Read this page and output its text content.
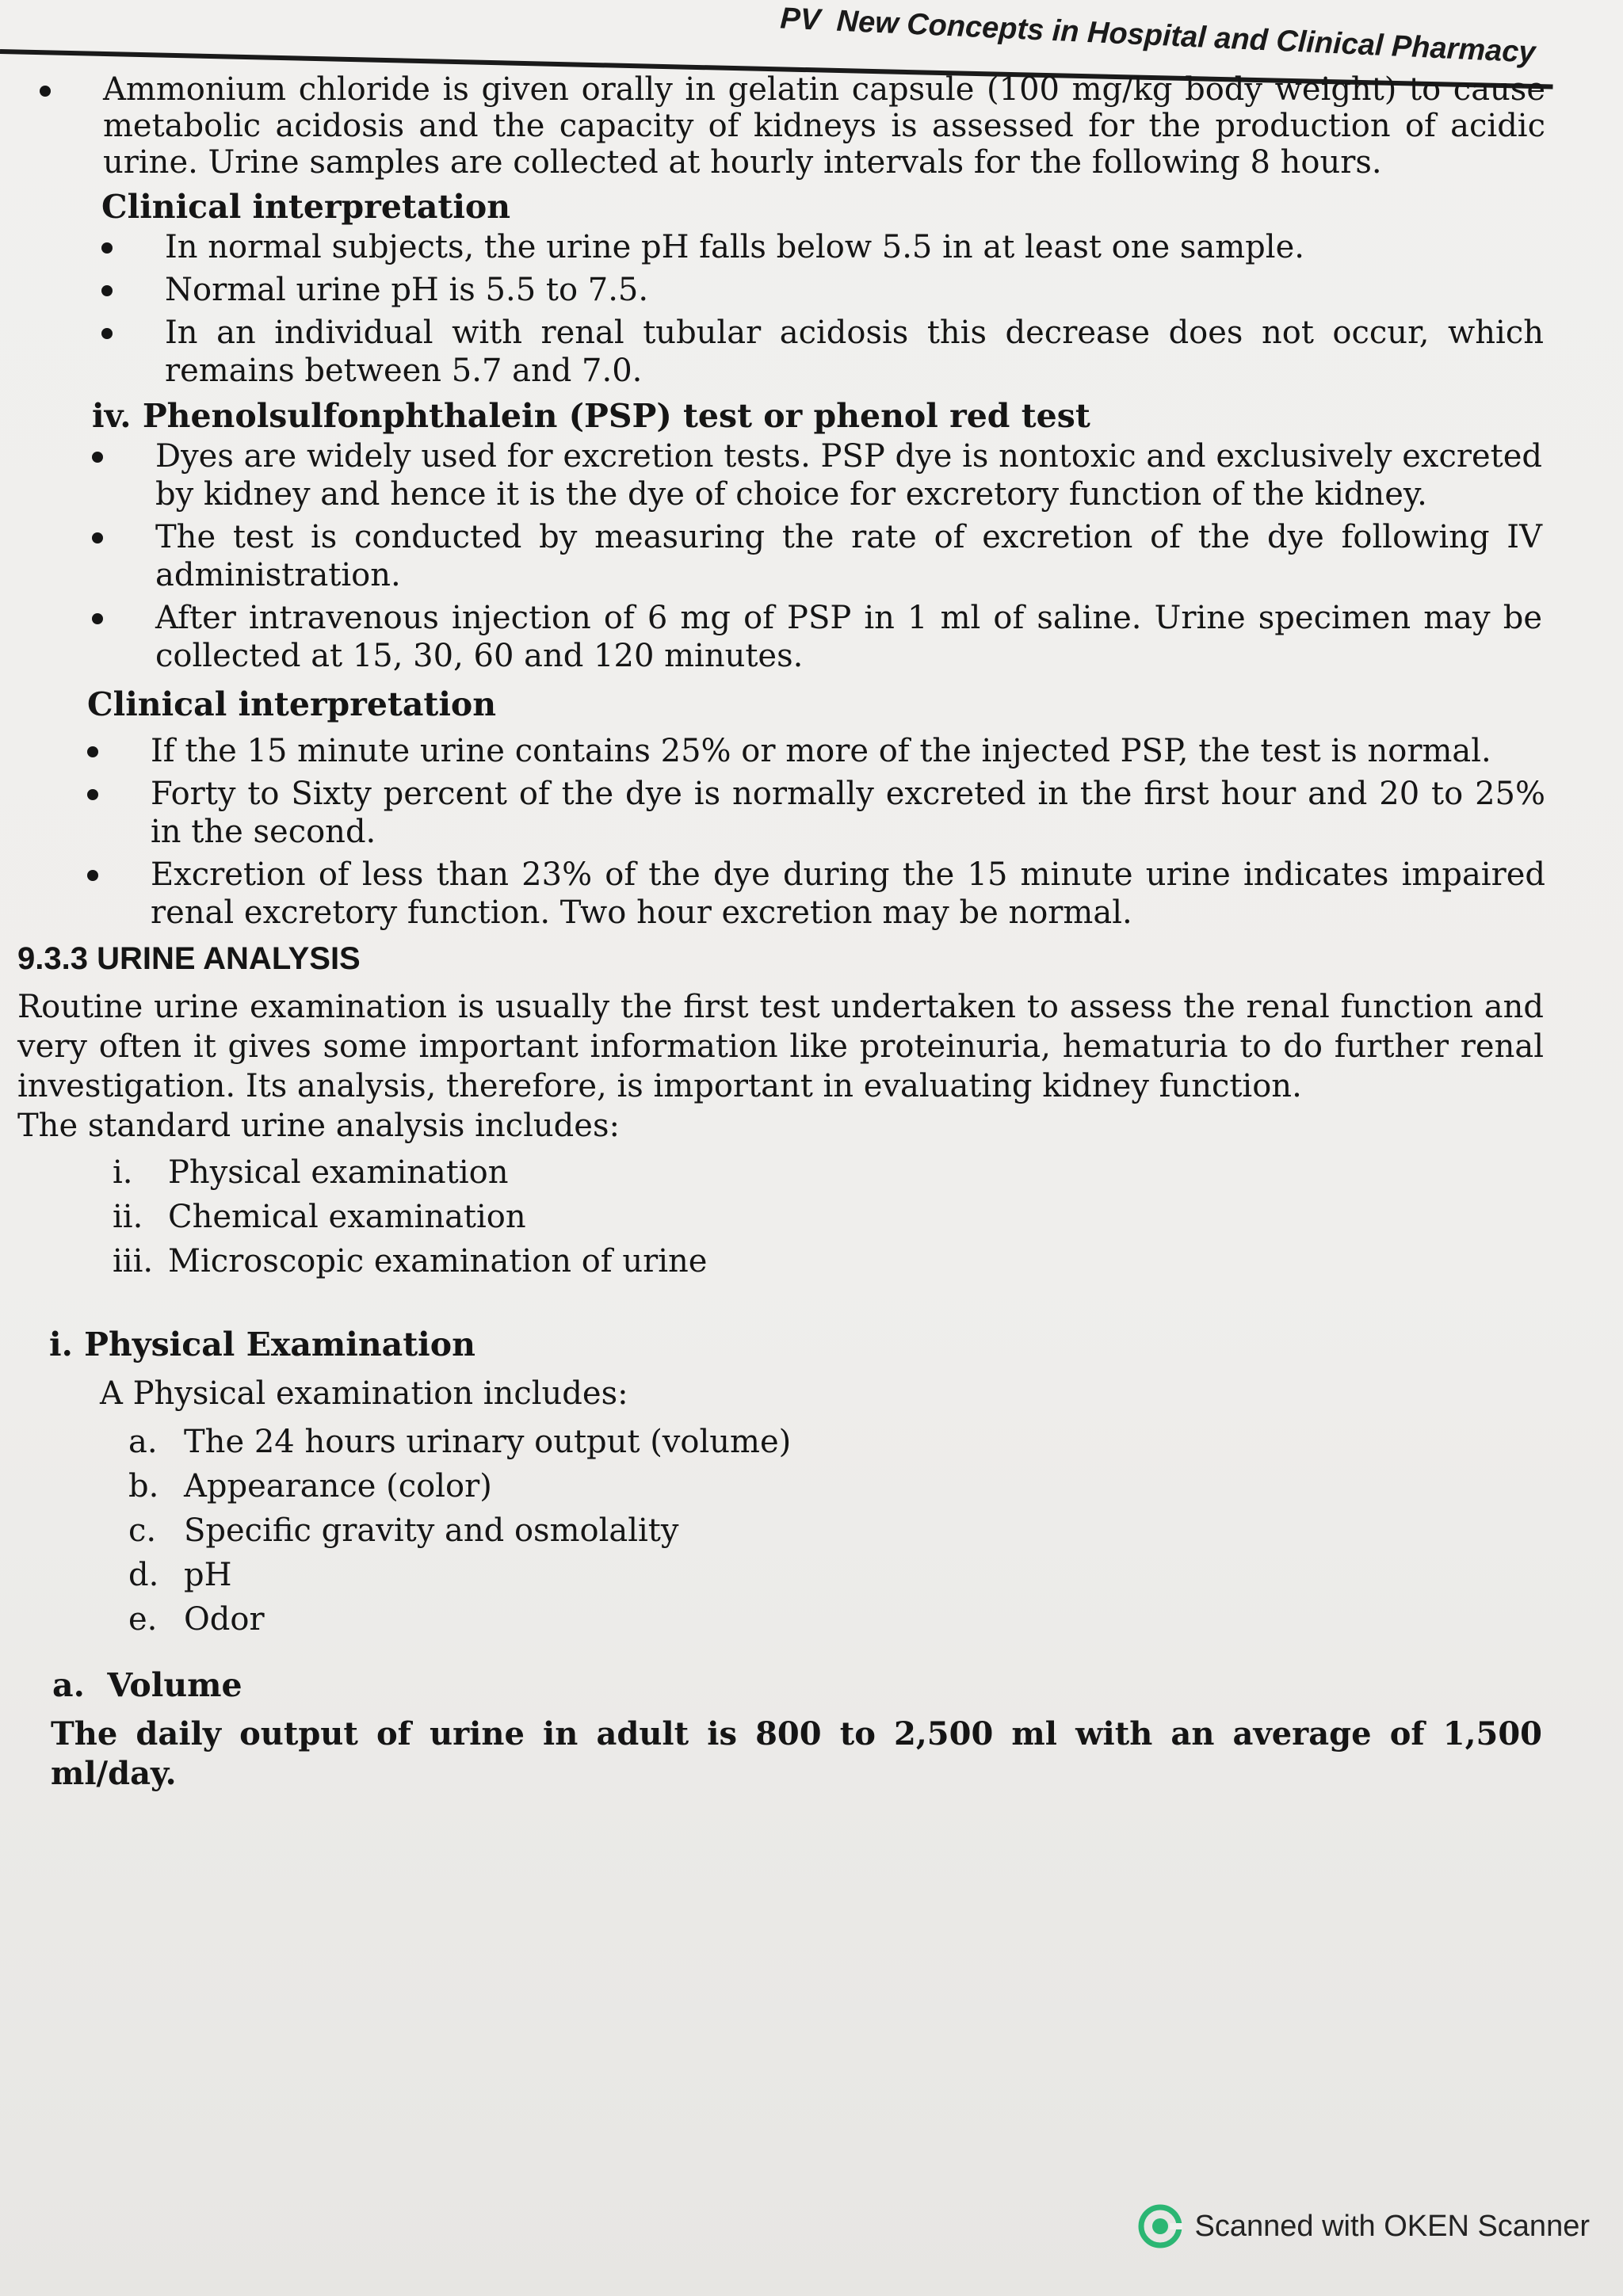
PV New Concepts in Hospital and Clinical Pharmacy
Ammonium chloride is given orally in gelatin capsule (100 mg/kg body weight) to cause metabolic acidosis and the capacity of kidneys is assessed for the production of acidic urine. Urine samples are collected at hourly intervals for the following 8 hours.

Clinical interpretation

In normal subjects, the urine pH falls below 5.5 in at least one sample.
Normal urine pH is 5.5 to 7.5.
In an individual with renal tubular acidosis this decrease does not occur, which remains between 5.7 and 7.0.

iv. Phenolsulfonphthalein (PSP) test or phenol red test

Dyes are widely used for excretion tests. PSP dye is nontoxic and exclusively excreted by kidney and hence it is the dye of choice for excretory function of the kidney.
The test is conducted by measuring the rate of excretion of the dye following IV administration.
After intravenous injection of 6 mg of PSP in 1 ml of saline. Urine specimen may be collected at 15, 30, 60 and 120 minutes.

Clinical interpretation

If the 15 minute urine contains 25% or more of the injected PSP, the test is normal.
Forty to Sixty percent of the dye is normally excreted in the first hour and 20 to 25% in the second.
Excretion of less than 23% of the dye during the 15 minute urine indicates impaired renal excretory function. Two hour excretion may be normal.

9.3.3 URINE ANALYSIS

Routine urine examination is usually the first test undertaken to assess the renal function and very often it gives some important information like proteinuria, hematuria to do further renal investigation. Its analysis, therefore, is important in evaluating kidney function.

The standard urine analysis includes:

i. Physical examination

ii. Chemical examination

iii. Microscopic examination of urine

i. Physical Examination

A Physical examination includes:

a. The 24 hours urinary output (volume)

b. Appearance (color)

c. Specific gravity and osmolality

d. pH

e. Odor

a.  Volume

The daily output of urine in adult is 800 to 2,500 ml with an average of 1,500 ml/day.

Scanned with OKEN Scanner
